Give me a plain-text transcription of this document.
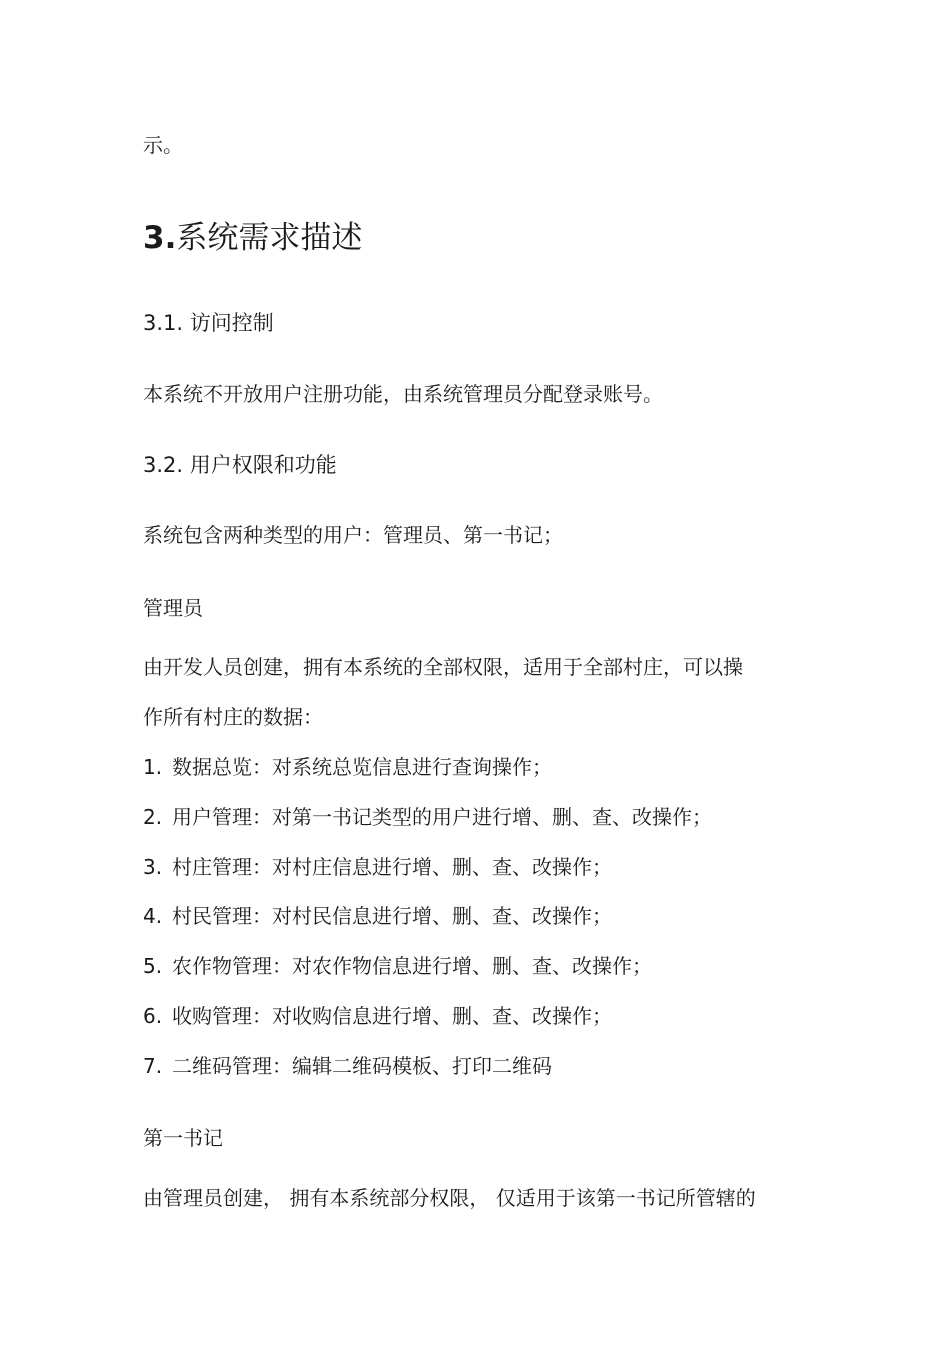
示。
3.系统需求描述
3.1. 访问控制
本系统不开放用户注册功能，由系统管理员分配登录账号。
3.2. 用户权限和功能
系统包含两种类型的用户：管理员、第一书记；
管理员
由开发人员创建，拥有本系统的全部权限，适用于全部村庄，可以操
作所有村庄的数据：
1. 数据总览：对系统总览信息进行查询操作；
2. 用户管理：对第一书记类型的用户进行增、删、查、改操作；
3. 村庄管理：对村庄信息进行增、删、查、改操作；
4. 村民管理：对村民信息进行增、删、查、改操作；
5. 农作物管理：对农作物信息进行增、删、查、改操作；
6. 收购管理：对收购信息进行增、删、查、改操作；
7. 二维码管理：编辑二维码模板、打印二维码
第一书记
由管理员创建， 拥有本系统部分权限， 仅适用于该第一书记所管辖的
